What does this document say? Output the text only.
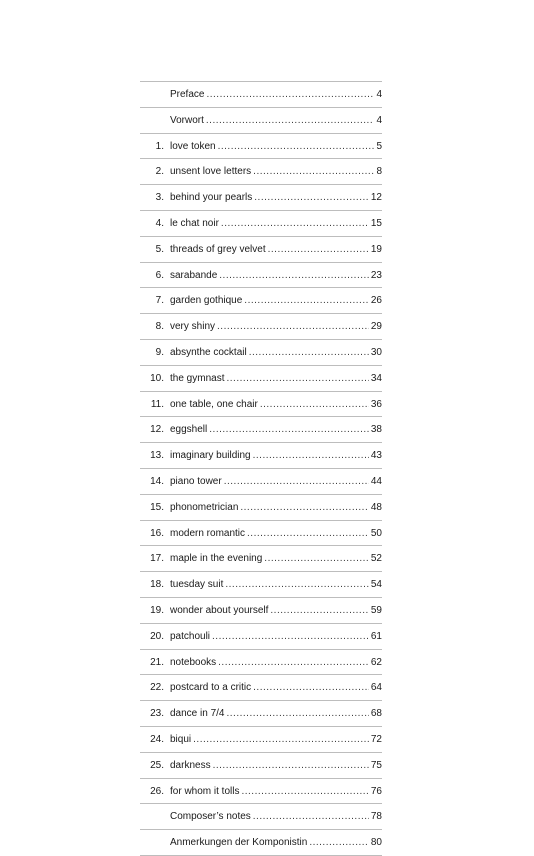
Preface .....	4
Vorwort .....	4
1. love token .....	5
2. unsent love letters .....	8
3. behind your pearls .....	12
4. le chat noir .....	15
5. threads of grey velvet .....	19
6. sarabande .....	23
7. garden gothique .....	26
8. very shiny .....	29
9. absynthe cocktail .....	30
10. the gymnast .....	34
11. one table, one chair .....	36
12. eggshell .....	38
13. imaginary building .....	43
14. piano tower .....	44
15. phonometrician .....	48
16. modern romantic .....	50
17. maple in the evening .....	52
18. tuesday suit .....	54
19. wonder about yourself .....	59
20. patchouli .....	61
21. notebooks .....	62
22. postcard to a critic .....	64
23. dance in 7/4 .....	68
24. biqui .....	72
25. darkness .....	75
26. for whom it tolls .....	76
Composer’s notes .....	78
Anmerkungen der Komponistin .....	80
